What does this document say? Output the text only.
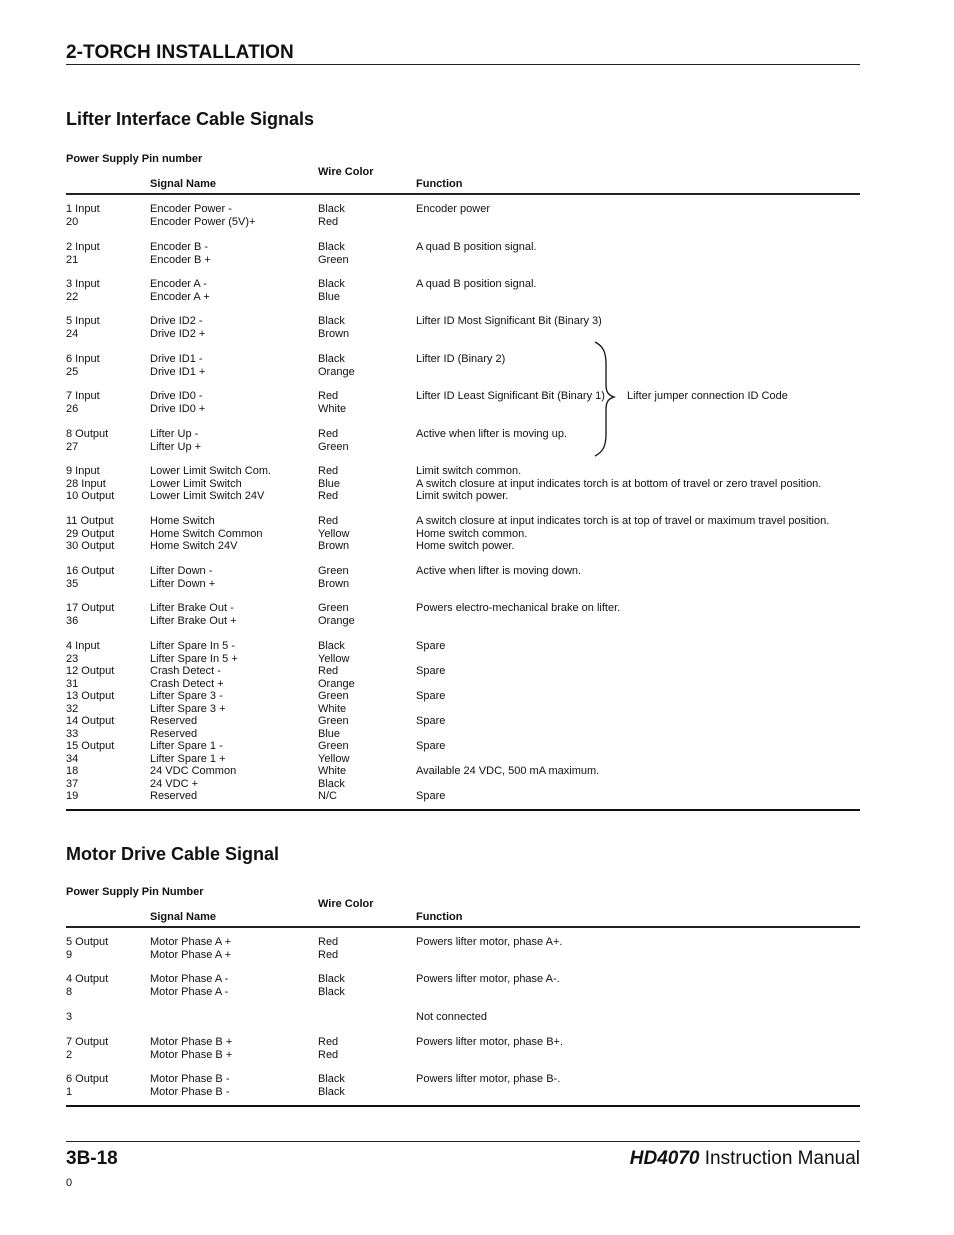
2-TORCH INSTALLATION
Lifter Interface Cable Signals
Power Supply Pin number
Signal Name
Wire Color
Function
1 Input
20
Encoder Power -
Encoder Power (5V)+
Black
Red
Encoder power
2 Input
21
Encoder B -
Encoder B +
Black
Green
A quad B position signal.
3 Input
22
Encoder A -
Encoder A +
Black
Blue
A quad B position signal.
5 Input
24
Drive ID2 -
Drive ID2 +
Black
Brown
Lifter ID Most Significant Bit (Binary 3)
6 Input
25
Drive ID1 -
Drive ID1 +
Black
Orange
Lifter ID (Binary 2)
7 Input
26
Drive ID0 -
Drive ID0 +
Red
White
Lifter ID Least Significant Bit (Binary 1)
8 Output
27
Lifter Up -
Lifter Up +
Red
Green
Active when lifter is moving up.
Lifter jumper connection ID Code
9 Input
28 Input
10 Output
Lower Limit Switch Com.
Lower Limit Switch
Lower Limit Switch 24V
Red
Blue
Red
Limit switch common.
A switch closure at input indicates torch is at bottom of travel or zero travel position.
Limit switch power.
11 Output
29 Output
30 Output
Home Switch
Home Switch Common
Home Switch 24V
Red
Yellow
Brown
A switch closure at input indicates torch is at top of travel or maximum travel position.
Home switch common.
Home switch power.
16 Output
35
Lifter Down -
Lifter Down +
Green
Brown
Active when lifter is moving down.
17 Output
36
Lifter Brake Out -
Lifter Brake Out +
Green
Orange
Powers electro-mechanical brake on lifter.
4 Input
23
12 Output
31
13 Output
32
14 Output
33
15 Output
34
18
37
19
Lifter Spare In 5 -
Lifter Spare In 5 +
Crash Detect -
Crash Detect +
Lifter Spare 3 -
Lifter Spare 3 +
Reserved
Reserved
Lifter Spare 1 -
Lifter Spare 1 +
24 VDC Common
24 VDC +
Reserved
Black
Yellow
Red
Orange
Green
White
Green
Blue
Green
Yellow
White
Black
N/C
Spare

Spare

Spare

Spare

Spare

Available 24 VDC, 500 mA maximum.

Spare
Motor Drive Cable Signal
Power Supply Pin Number
Signal Name
Wire Color
Function
5 Output
9
Motor Phase A +
Motor Phase A +
Red
Red
Powers lifter motor, phase A+.
4 Output
8
Motor Phase A -
Motor Phase A -
Black
Black
Powers lifter motor, phase A-.
3	Not connected
7 Output
2
Motor Phase B +
Motor Phase B +
Red
Red
Powers lifter motor, phase B+.
6 Output
1
Motor Phase B -
Motor Phase B -
Black
Black
Powers lifter motor, phase B-.
3B-18	HD4070 Instruction Manual
0
